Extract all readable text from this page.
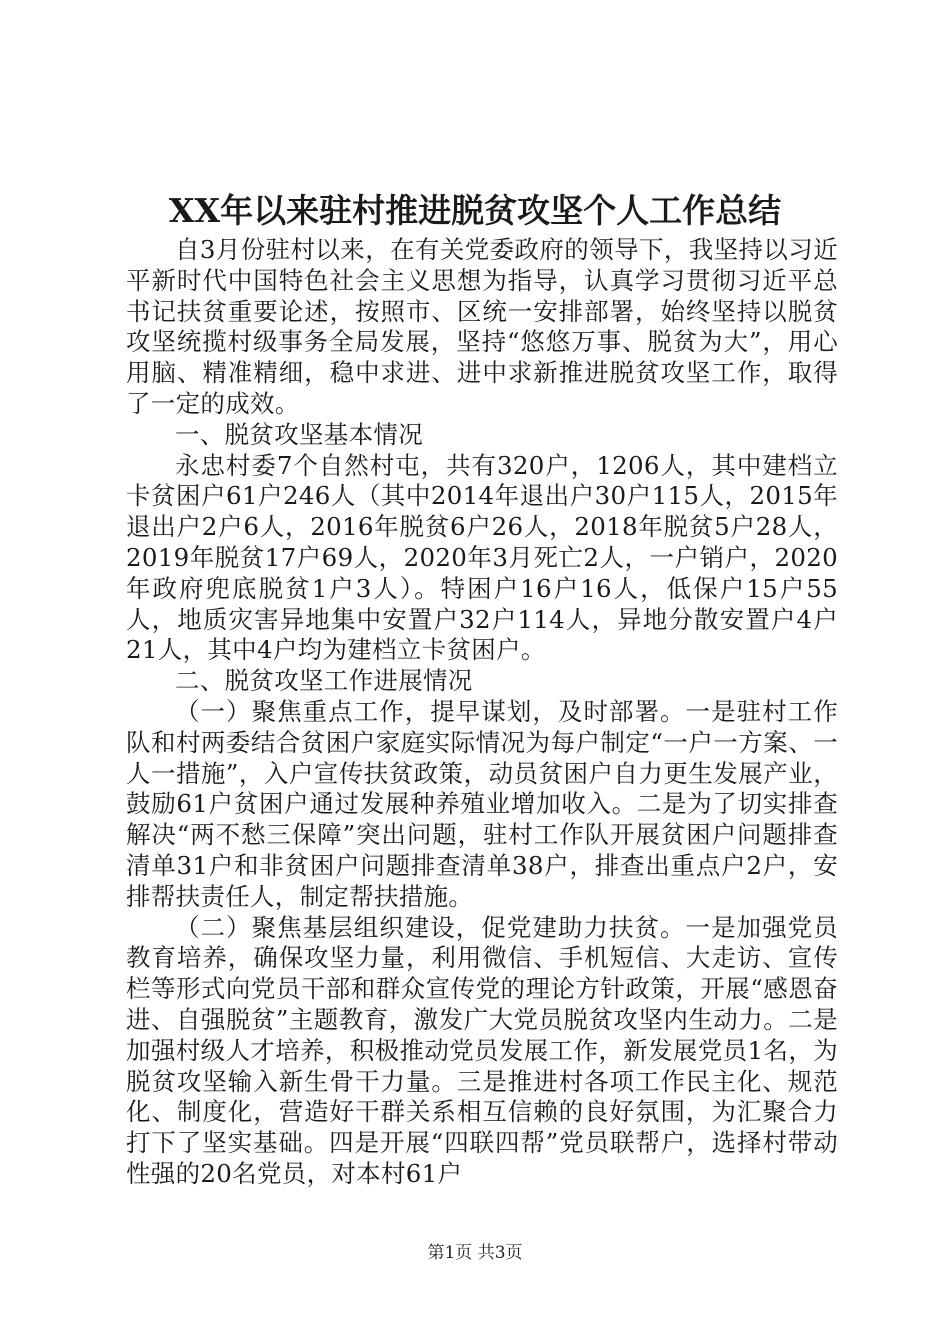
XX年以来驻村推进脱贫攻坚个人工作总结

自3月份驻村以来，在有关党委政府的领导下，我坚持以习近平新时代中国特色社会主义思想为指导，认真学习贯彻习近平总书记扶贫重要论述，按照市、区统一安排部署，始终坚持以脱贫攻坚统揽村级事务全局发展，坚持“悠悠万事、脱贫为大”，用心用脑、精准精细，稳中求进、进中求新推进脱贫攻坚工作，取得了一定的成效。

一、脱贫攻坚基本情况

永忠村委7个自然村屯，共有320户，1206人，其中建档立卡贫困户61户246人（其中2014年退出户30户115人，2015年退出户2户6人，2016年脱贫6户26人，2018年脱贫5户28人，2019年脱贫17户69人，2020年3月死亡2人，一户销户，2020年政府兜底脱贫1户3人）。特困户16户16人，低保户15户55人，地质灾害异地集中安置户32户114人，异地分散安置户4户21人，其中4户均为建档立卡贫困户。

二、脱贫攻坚工作进展情况

（一）聚焦重点工作，提早谋划，及时部署。一是驻村工作队和村两委结合贫困户家庭实际情况为每户制定“一户一方案、一人一措施”，入户宣传扶贫政策，动员贫困户自力更生发展产业，鼓励61户贫困户通过发展种养殖业增加收入。二是为了切实排查解决“两不愁三保障”突出问题，驻村工作队开展贫困户问题排查清单31户和非贫困户问题排查清单38户，排查出重点户2户，安排帮扶责任人，制定帮扶措施。

（二）聚焦基层组织建设，促党建助力扶贫。一是加强党员教育培养，确保攻坚力量，利用微信、手机短信、大走访、宣传栏等形式向党员干部和群众宣传党的理论方针政策，开展“感恩奋进、自强脱贫”主题教育，激发广大党员脱贫攻坚内生动力。二是加强村级人才培养，积极推动党员发展工作，新发展党员1名，为脱贫攻坚输入新生骨干力量。三是推进村各项工作民主化、规范化、制度化，营造好干群关系相互信赖的良好氛围，为汇聚合力打下了坚实基础。四是开展“四联四帮”党员联帮户，选择村带动性强的20名党员，对本村61户

第1页 共3页
